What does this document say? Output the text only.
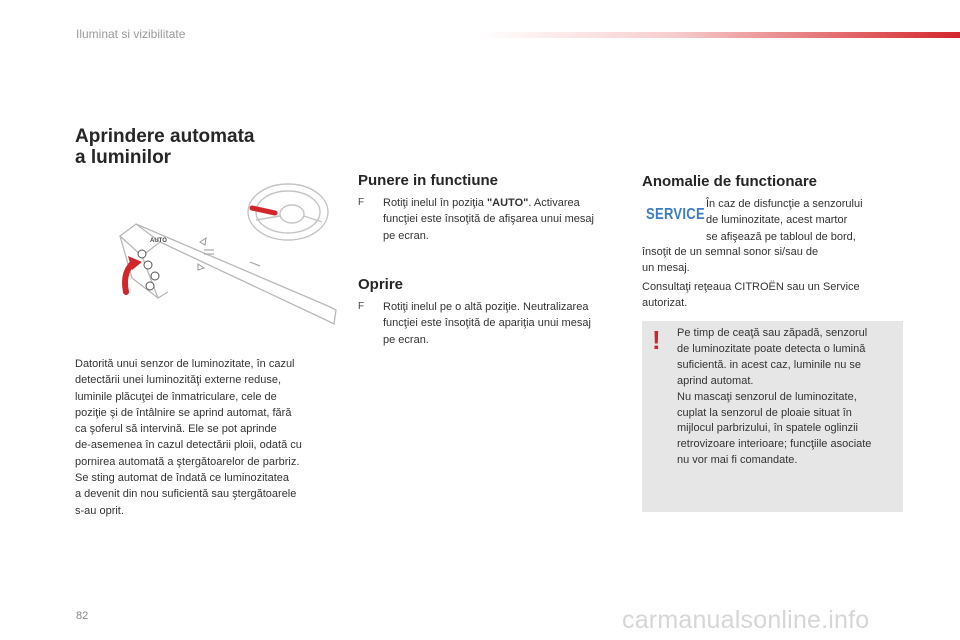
Iluminat si vizibilitate
Aprindere automata
a luminilor
AUTO
Datorită unui senzor de luminozitate, în cazul
detectării unei luminozităţi externe reduse,
luminile plăcuţei de înmatriculare, cele de
poziţie şi de întâlnire se aprind automat, fără
ca şoferul să intervină. Ele se pot aprinde
de-asemenea în cazul detectării ploii, odată cu
pornirea automată a ştergătoarelor de parbriz.
Se sting automat de îndată ce luminozitatea
a devenit din nou suficientă sau ştergătoarele
s-au oprit.
Punere in functiune
F Rotiţi inelul în poziţia "AUTO". Activarea
funcţiei este însoţită de afişarea unui mesaj
pe ecran.
Oprire
F Rotiţi inelul pe o altă poziţie. Neutralizarea
funcţiei este însoţită de apariţia unui mesaj
pe ecran.
Anomalie de functionare
SERVICE
În caz de disfuncţie a senzorului
de luminozitate, acest martor
se afişează pe tabloul de bord,
însoţit de un semnal sonor si/sau de
un mesaj.
Consultaţi reţeaua CITROËN sau un Service
autorizat.
! Pe timp de ceaţă sau zăpadă, senzorul
de luminozitate poate detecta o lumină
suficientă. in acest caz, luminile nu se
aprind automat.
Nu mascaţi senzorul de luminozitate,
cuplat la senzorul de ploaie situat în
mijlocul parbrizului, în spatele oglinzii
retrovizoare interioare; funcţiile asociate
nu vor mai fi comandate.
82	carmanualsonline.info
